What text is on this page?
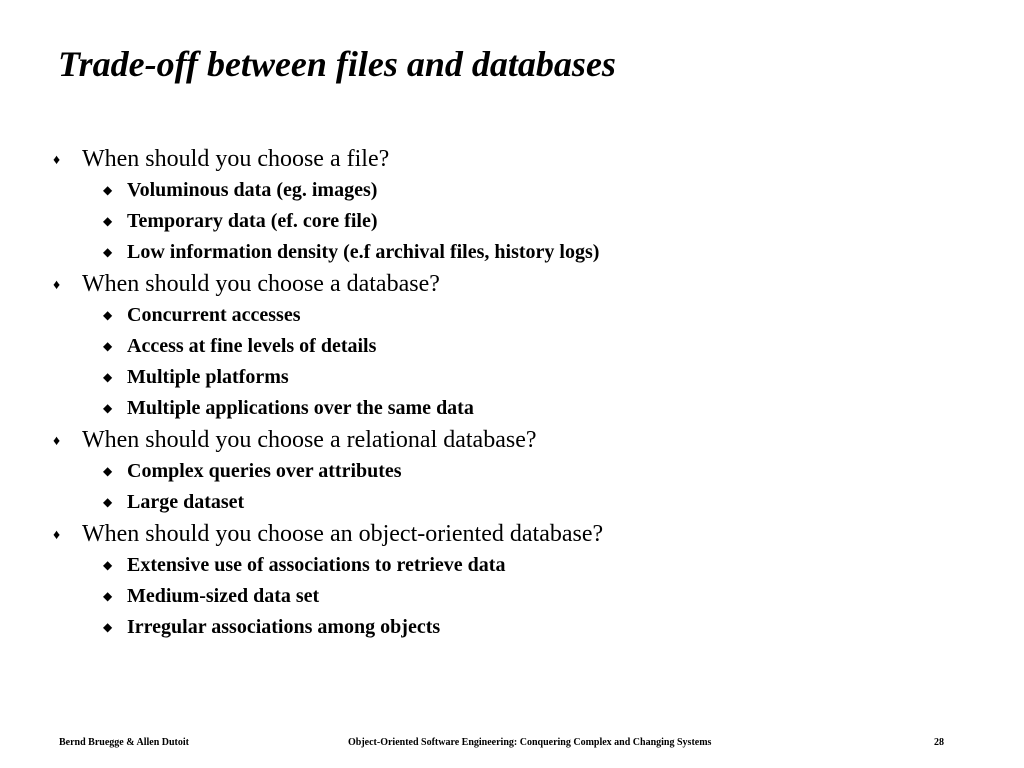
Trade-off between files and databases
♦ When should you choose a file?
◆ Voluminous data (eg. images)
◆ Temporary data (ef. core file)
◆ Low information density (e.f archival files, history logs)
♦ When should you choose a database?
◆ Concurrent accesses
◆ Access at fine levels of details
◆ Multiple platforms
◆ Multiple applications over the same data
♦ When should you choose a relational database?
◆ Complex queries over attributes
◆ Large dataset
♦ When should you choose an object-oriented database?
◆ Extensive use of associations to retrieve data
◆ Medium-sized data set
◆ Irregular associations among objects
Bernd Bruegge & Allen Dutoit	Object-Oriented Software Engineering: Conquering Complex and Changing Systems	28
